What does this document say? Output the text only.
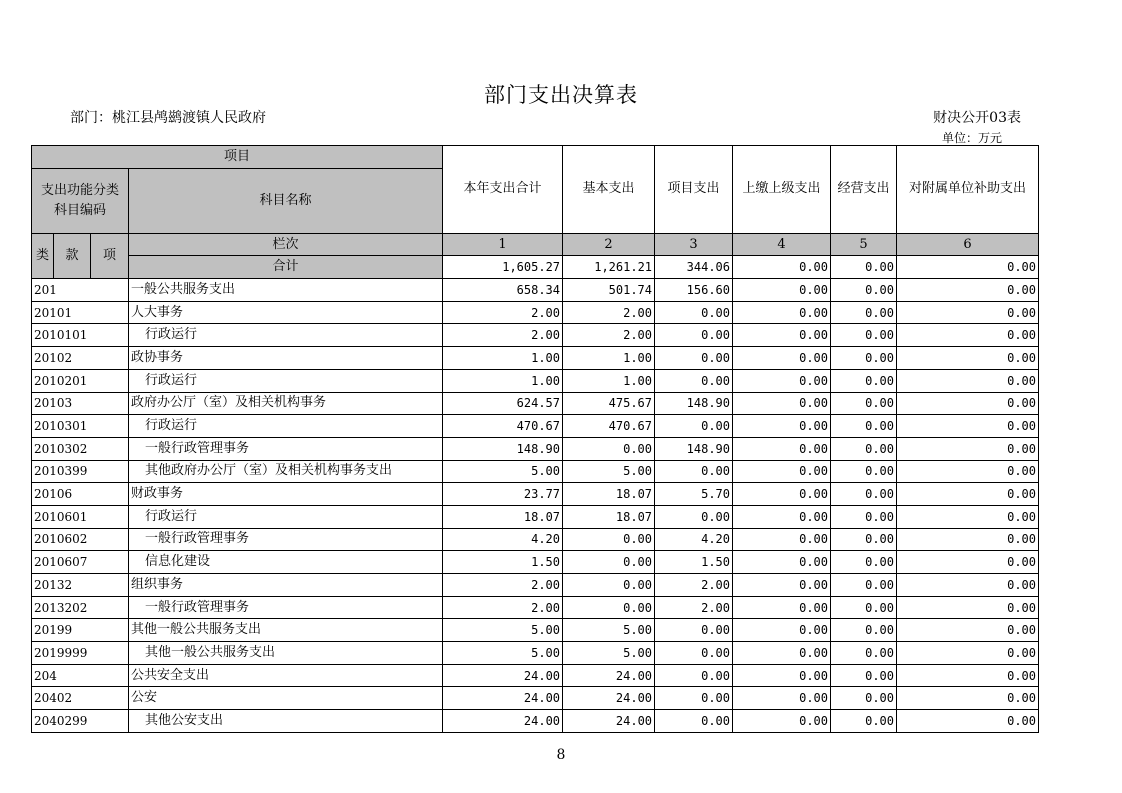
部门支出决算表
部门：桃江县鸬鹚渡镇人民政府	财决公开03表
单位：万元
项目				本年支出合计	基本支出	项目支出	上缴上级支出	经营支出	对附属单位补助支出
支出功能分类
科目编码			科目名称						
类	款	项	栏次	1	2	3	4	5	6
			合计	1,605.27	1,261.21	344.06	0.00	0.00	0.00
201			一般公共服务支出	658.34	501.74	156.60	0.00	0.00	0.00
20101			人大事务	2.00	2.00	0.00	0.00	0.00	0.00
2010101			行政运行	2.00	2.00	0.00	0.00	0.00	0.00
20102			政协事务	1.00	1.00	0.00	0.00	0.00	0.00
2010201			行政运行	1.00	1.00	0.00	0.00	0.00	0.00
20103			政府办公厅（室）及相关机构事务	624.57	475.67	148.90	0.00	0.00	0.00
2010301			行政运行	470.67	470.67	0.00	0.00	0.00	0.00
2010302			一般行政管理事务	148.90	0.00	148.90	0.00	0.00	0.00
2010399			其他政府办公厅（室）及相关机构事务支出	5.00	5.00	0.00	0.00	0.00	0.00
20106			财政事务	23.77	18.07	5.70	0.00	0.00	0.00
2010601			行政运行	18.07	18.07	0.00	0.00	0.00	0.00
2010602			一般行政管理事务	4.20	0.00	4.20	0.00	0.00	0.00
2010607			信息化建设	1.50	0.00	1.50	0.00	0.00	0.00
20132			组织事务	2.00	0.00	2.00	0.00	0.00	0.00
2013202			一般行政管理事务	2.00	0.00	2.00	0.00	0.00	0.00
20199			其他一般公共服务支出	5.00	5.00	0.00	0.00	0.00	0.00
2019999			其他一般公共服务支出	5.00	5.00	0.00	0.00	0.00	0.00
204			公共安全支出	24.00	24.00	0.00	0.00	0.00	0.00
20402			公安	24.00	24.00	0.00	0.00	0.00	0.00
2040299			其他公安支出	24.00	24.00	0.00	0.00	0.00	0.00
8
